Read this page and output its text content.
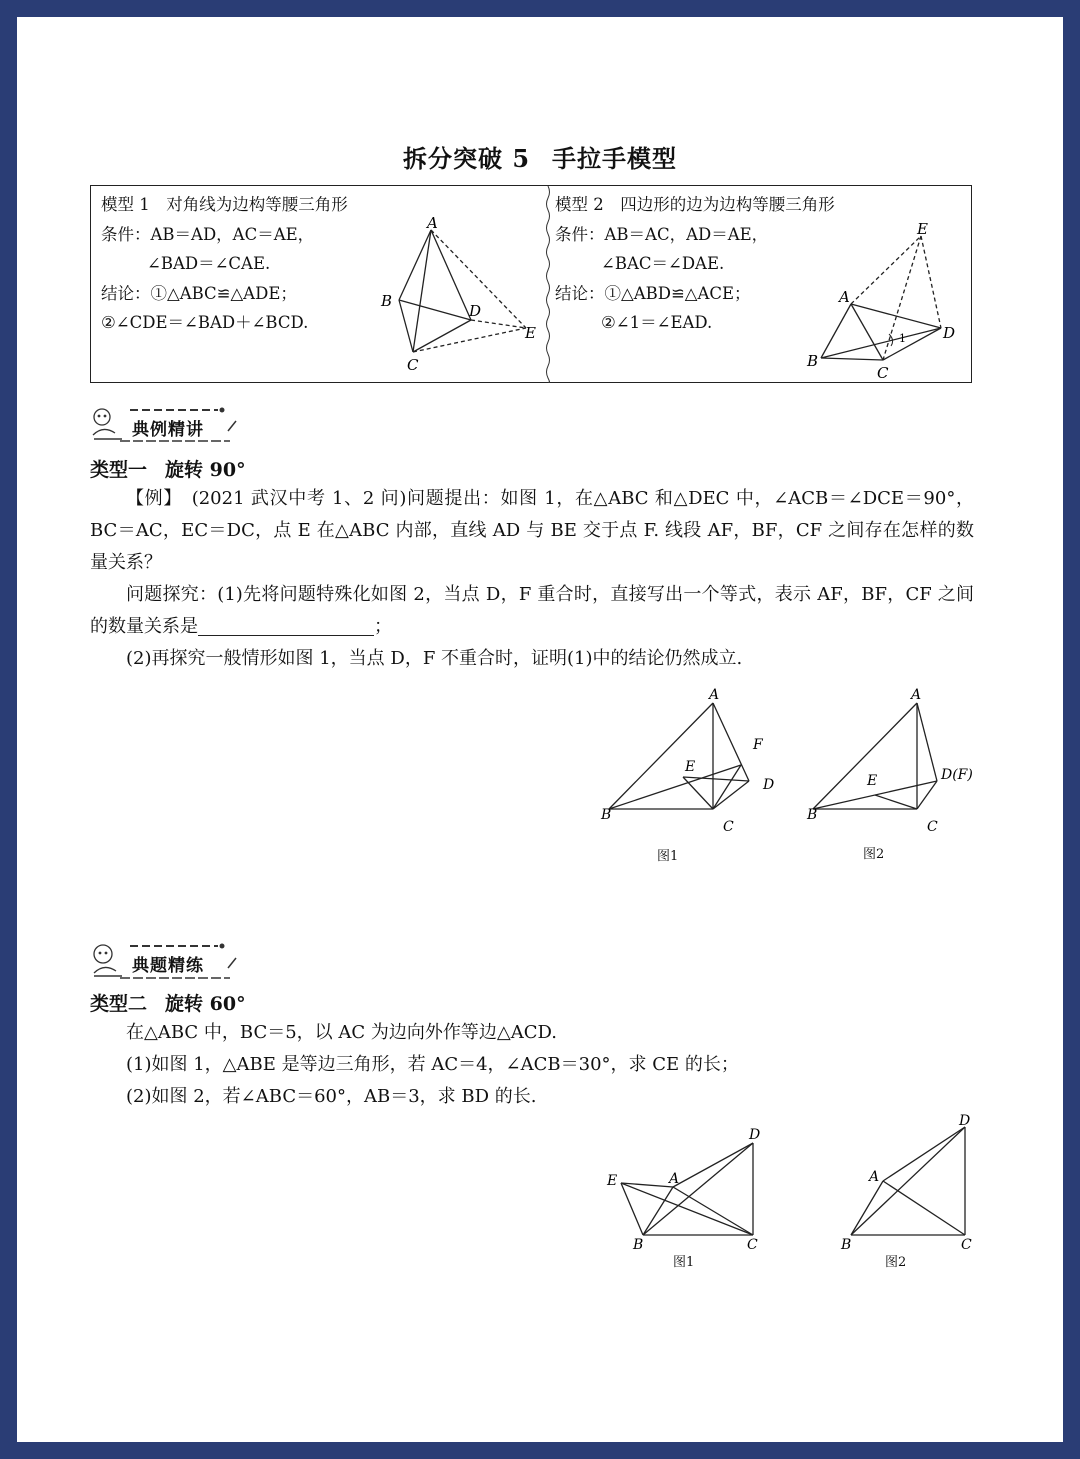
拆分突破 5 手拉手模型
模型 1　对角线为边构等腰三角形
条件：AB＝AD，AC＝AE，
∠BAD＝∠CAE.
结论：①△ABC≌△ADE；
②∠CDE＝∠BAD＋∠BCD.
A
B
C
D
E
模型 2　四边形的边为边构等腰三角形
条件：AB＝AC，AD＝AE，
∠BAC＝∠DAE.
结论：①△ABD≌△ACE；
②∠1＝∠EAD.
E
A
B
C
D
1
典例精讲
类型一 旋转 90°
【例】　(2021 武汉中考 1、2 问)问题提出：如图 1，在△ABC 和△DEC 中，∠ACB＝∠DCE＝90°，BC＝AC，EC＝DC，点 E 在△ABC 内部，直线 AD 与 BE 交于点 F. 线段 AF，BF，CF 之间存在怎样的数量关系？
问题探究：(1)先将问题特殊化如图 2，当点 D，F 重合时，直接写出一个等式，表示 AF，BF，CF 之间的数量关系是	；
(2)再探究一般情形如图 1，当点 D，F 不重合时，证明(1)中的结论仍然成立.
A
F
E
D
B
C
图1
A
E	D(F)
B
C
图2
典题精练
类型二 旋转 60°
在△ABC 中，BC＝5，以 AC 为边向外作等边△ACD.
(1)如图 1，△ABE 是等边三角形，若 AC＝4，∠ACB＝30°，求 CE 的长；
(2)如图 2，若∠ABC＝60°，AB＝3，求 BD 的长.
D
E	A
B	C
图1
D
A
B	C
图2
